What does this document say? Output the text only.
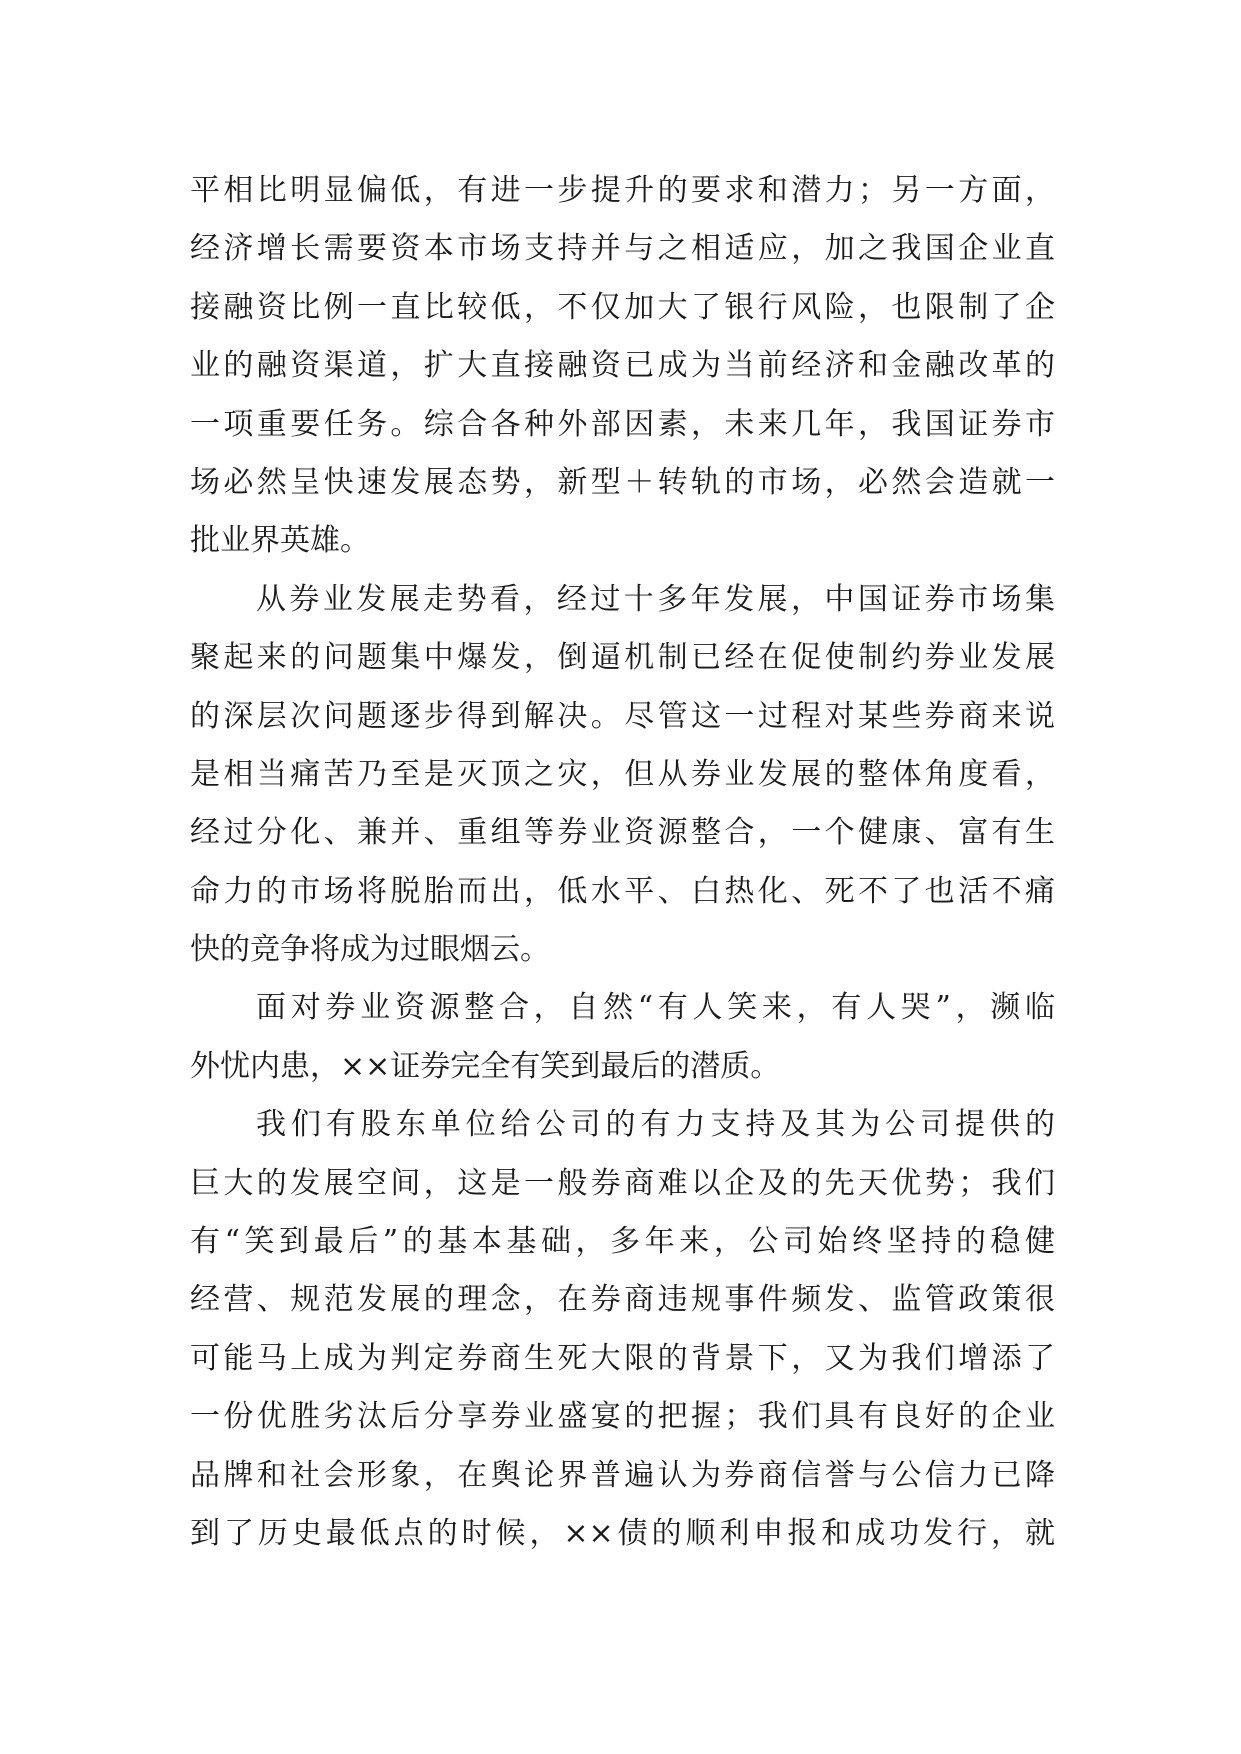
平相比明显偏低，有进一步提升的要求和潜力；另一方面，
经济增长需要资本市场支持并与之相适应，加之我国企业直
接融资比例一直比较低，不仅加大了银行风险，也限制了企
业的融资渠道，扩大直接融资已成为当前经济和金融改革的
一项重要任务。综合各种外部因素，未来几年，我国证券市
场必然呈快速发展态势，新型＋转轨的市场，必然会造就一
批业界英雄。
从券业发展走势看，经过十多年发展，中国证券市场集
聚起来的问题集中爆发，倒逼机制已经在促使制约券业发展
的深层次问题逐步得到解决。尽管这一过程对某些券商来说
是相当痛苦乃至是灭顶之灾，但从券业发展的整体角度看，
经过分化、兼并、重组等券业资源整合，一个健康、富有生
命力的市场将脱胎而出，低水平、白热化、死不了也活不痛
快的竞争将成为过眼烟云。
面对券业资源整合，自然“有人笑来，有人哭”，濒临
外忧内患，××证券完全有笑到最后的潜质。
我们有股东单位给公司的有力支持及其为公司提供的
巨大的发展空间，这是一般券商难以企及的先天优势；我们
有“笑到最后”的基本基础，多年来，公司始终坚持的稳健
经营、规范发展的理念，在券商违规事件频发、监管政策很
可能马上成为判定券商生死大限的背景下，又为我们增添了
一份优胜劣汰后分享券业盛宴的把握；我们具有良好的企业
品牌和社会形象，在舆论界普遍认为券商信誉与公信力已降
到了历史最低点的时候，××债的顺利申报和成功发行，就
